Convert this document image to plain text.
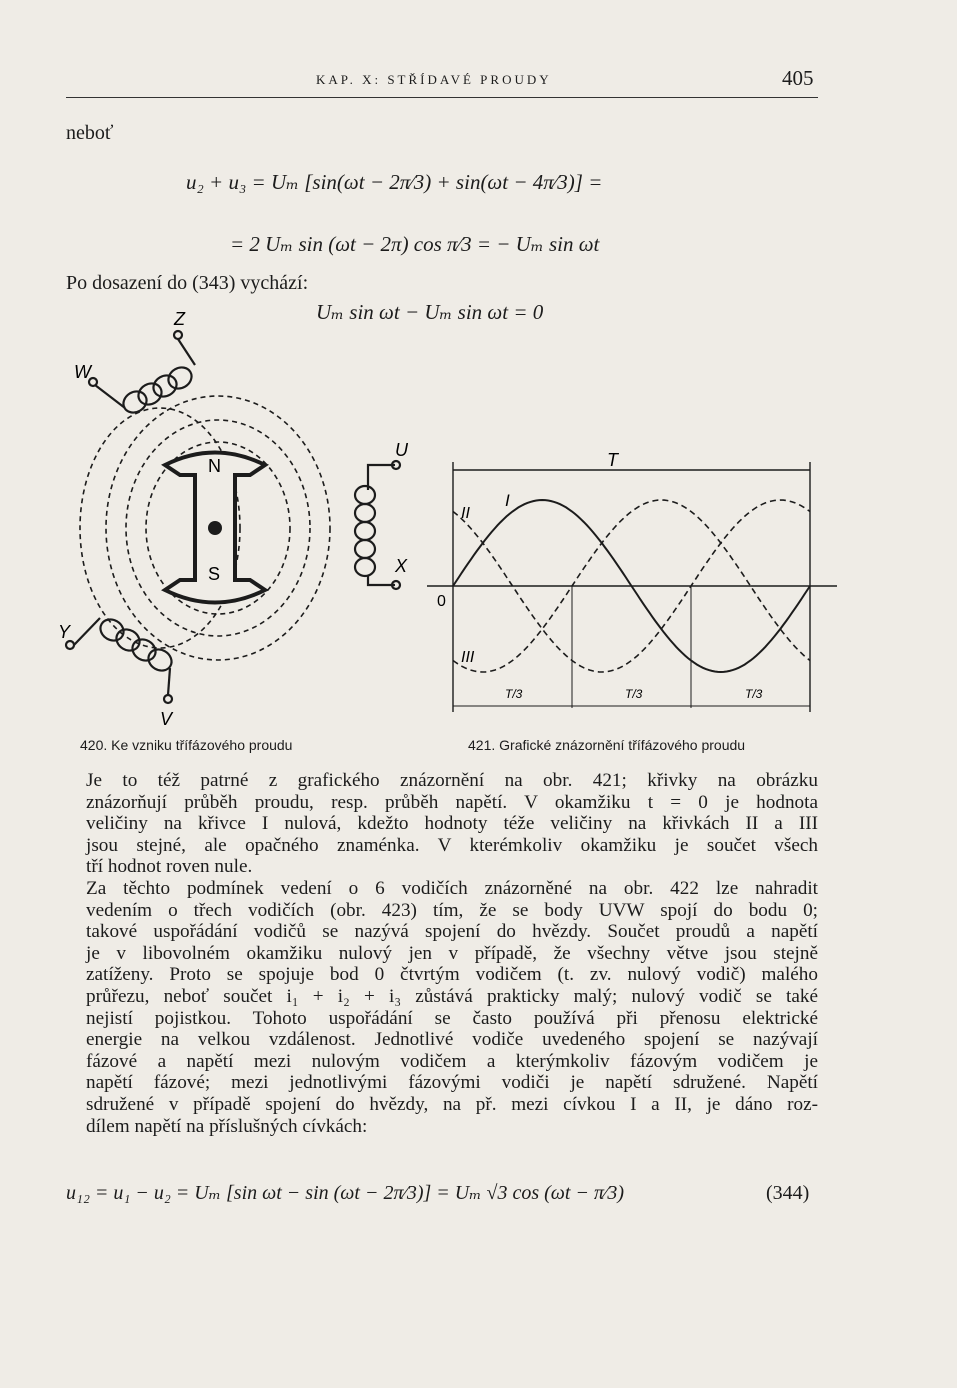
KAP. X: STŘÍDAVÉ PROUDY	405
neboť
u₂ + u₃ = Uₘ [sin(ωt − 2π⁄3) + sin(ωt − 4π⁄3)] =
= 2 Uₘ sin (ωt − 2π) cos π⁄3 = − Uₘ sin ωt
Po dosazení do (343) vychází:
Uₘ sin ωt − Uₘ sin ωt = 0
N
S
U
X
Z
W
Y
V
T
0
I
II
III
T/3	T/3	T/3
420. Ke vzniku třífázového proudu	421. Grafické znázornění třífázového proudu

Je to též patrné z grafického znázornění na obr. 421; křivky na obrázku
znázorňují průběh proudu, resp. průběh napětí. V okamžiku t = 0 je hodnota
veličiny na křivce I nulová, kdežto hodnoty téže veličiny na křivkách II a III
jsou stejné, ale opačného znaménka. V kterémkoliv okamžiku je součet všech
tří hodnot roven nule.

Za těchto podmínek vedení o 6 vodičích znázorněné na obr. 422 lze nahradit
vedením o třech vodičích (obr. 423) tím, že se body UVW spojí do bodu 0;
takové uspořádání vodičů se nazývá spojení do hvězdy. Součet proudů a napětí
je v libovolném okamžiku nulový jen v případě, že všechny větve jsou stejně
zatíženy. Proto se spojuje bod 0 čtvrtým vodičem (t. zv. nulový vodič) malého
průřezu, neboť součet i₁ + i₂ + i₃ zůstává prakticky malý; nulový vodič se také
nejistí pojistkou. Tohoto uspořádání se často používá při přenosu elektrické
energie na velkou vzdálenost. Jednotlivé vodiče uvedeného spojení se nazývají
fázové a napětí mezi nulovým vodičem a kterýmkoliv fázovým vodičem je
napětí fázové; mezi jednotlivými fázovými vodiči je napětí sdružené. Napětí
sdružené v případě spojení do hvězdy, na př. mezi cívkou I a II, je dáno roz-
dílem napětí na příslušných cívkách:

u₁₂ = u₁ − u₂ = Uₘ [sin ωt − sin (ωt − 2π⁄3)] = Uₘ √3 cos (ωt − π⁄3)	(344)
